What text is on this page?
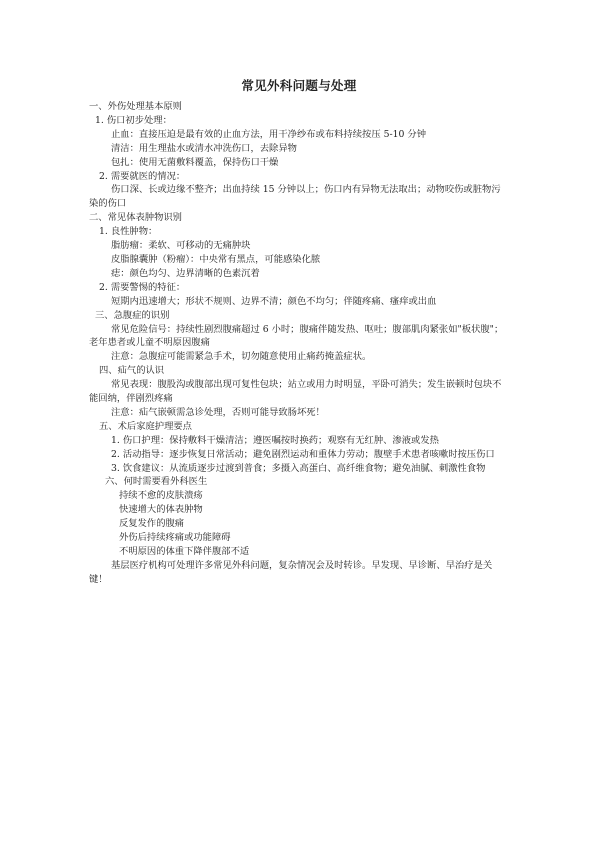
常见外科问题与处理
一、外伤处理基本原则
1. 伤口初步处理：
止血：直接压迫是最有效的止血方法，用干净纱布或布料持续按压 5-10 分钟
清洁：用生理盐水或清水冲洗伤口，去除异物
包扎：使用无菌敷料覆盖，保持伤口干燥
2. 需要就医的情况：
伤口深、长或边缘不整齐；出血持续 15 分钟以上；伤口内有异物无法取出；动物咬伤或脏物污染的伤口
二、常见体表肿物识别
1. 良性肿物：
脂肪瘤：柔软、可移动的无痛肿块
皮脂腺囊肿（粉瘤）：中央常有黑点，可能感染化脓
痣：颜色均匀、边界清晰的色素沉着
2. 需要警惕的特征：
短期内迅速增大；形状不规则、边界不清；颜色不均匀；伴随疼痛、瘙痒或出血
三、急腹症的识别
常见危险信号：持续性剧烈腹痛超过 6 小时；腹痛伴随发热、呕吐；腹部肌肉紧张如"板状腹"；老年患者或儿童不明原因腹痛
注意：急腹症可能需紧急手术，切勿随意使用止痛药掩盖症状。
四、疝气的认识
常见表现：腹股沟或腹部出现可复性包块；站立或用力时明显，平卧可消失；发生嵌顿时包块不能回纳，伴剧烈疼痛
注意：疝气嵌顿需急诊处理，否则可能导致肠坏死！
五、术后家庭护理要点
1. 伤口护理：保持敷料干燥清洁；遵医嘱按时换药；观察有无红肿、渗液或发热
2. 活动指导：逐步恢复日常活动；避免剧烈运动和重体力劳动；腹壁手术患者咳嗽时按压伤口
3. 饮食建议：从流质逐步过渡到普食；多摄入高蛋白、高纤维食物；避免油腻、刺激性食物
六、何时需要看外科医生
持续不愈的皮肤溃疡
快速增大的体表肿物
反复发作的腹痛
外伤后持续疼痛或功能障碍
不明原因的体重下降伴腹部不适
基层医疗机构可处理许多常见外科问题，复杂情况会及时转诊。早发现、早诊断、早治疗是关键！
